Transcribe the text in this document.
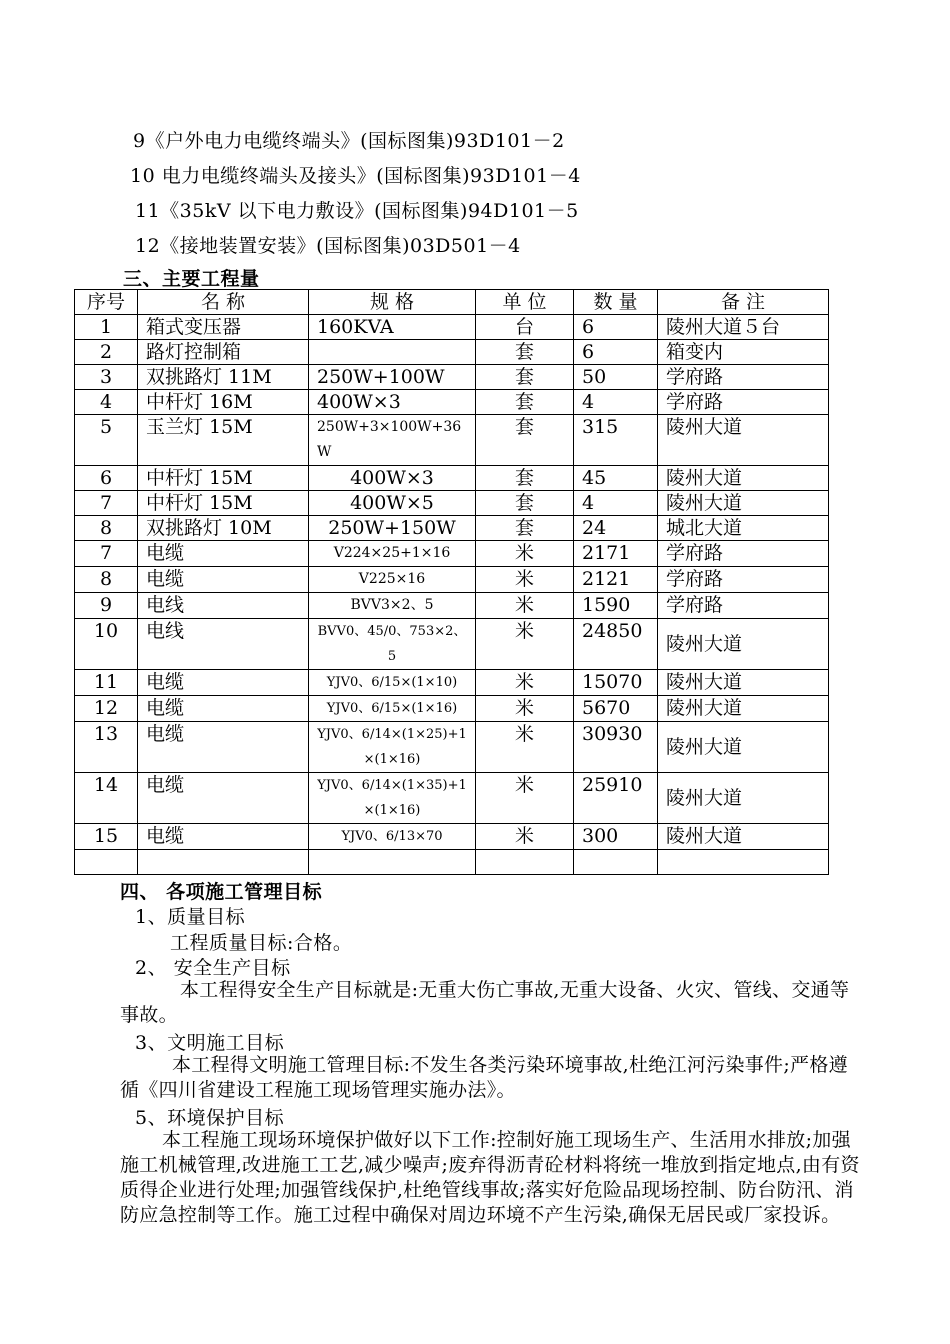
9《户外电力电缆终端头》(国标图集)93D101－2
10 电力电缆终端头及接头》(国标图集)93D101－4
11《35kV 以下电力敷设》(国标图集)94D101－5
12《接地装置安装》(国标图集)03D501－4
三、主要工程量
序号	名 称	规 格	单 位	数 量	备 注
1	箱式变压器	160KVA	台	6	陵州大道５台
2	路灯控制箱		套	6	箱变内
3	双挑路灯 11M	250W+100W	套	50	学府路
4	中杆灯 16M	400W×3	套	4	学府路
5	玉兰灯 15M	250W+3×100W+36W	套	315	陵州大道
6	中杆灯 15M	400W×3	套	45	陵州大道
7	中杆灯 15M	400W×5	套	4	陵州大道
8	双挑路灯 10M	250W+150W	套	24	城北大道
7	电缆	V224×25+1×16	米	2171	学府路
8	电缆	V225×16	米	2121	学府路
9	电线	BVV3×2、5	米	1590	学府路
10	电线	BVV0、45/0、753×2、5	米	24850	陵州大道
11	电缆	YJV0、6/15×(1×10)	米	15070	陵州大道
12	电缆	YJV0、6/15×(1×16)	米	5670	陵州大道
13	电缆	YJV0、6/14×(1×25)+1×(1×16)	米	30930	陵州大道
14	电缆	YJV0、6/14×(1×35)+1×(1×16)	米	25910	陵州大道
15	电缆	YJV0、6/13×70	米	300	陵州大道

四、 各项施工管理目标
1、质量目标
工程质量目标:合格。
2、 安全生产目标
本工程得安全生产目标就是:无重大伤亡事故,无重大设备、火灾、管线、交通等事故。
3、文明施工目标
本工程得文明施工管理目标:不发生各类污染环境事故,杜绝江河污染事件;严格遵循《四川省建设工程施工现场管理实施办法》。
5、环境保护目标
本工程施工现场环境保护做好以下工作:控制好施工现场生产、生活用水排放;加强施工机械管理,改进施工工艺,减少噪声;废弃得沥青砼材料将统一堆放到指定地点,由有资质得企业进行处理;加强管线保护,杜绝管线事故;落实好危险品现场控制、防台防汛、消防应急控制等工作。施工过程中确保对周边环境不产生污染,确保无居民或厂家投诉。
